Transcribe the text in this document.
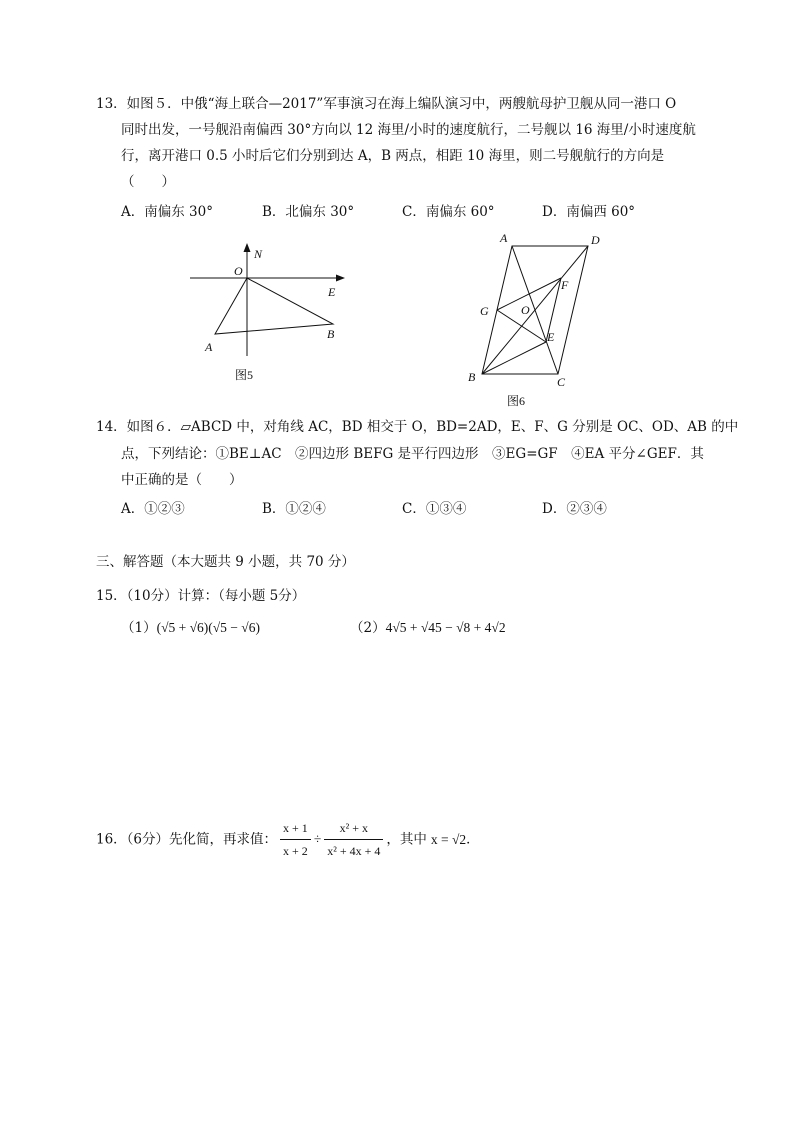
13．如图５．中俄“海上联合—2017”军事演习在海上编队演习中，两艘航母护卫舰从同一港口 O
同时出发，一号舰沿南偏西 30°方向以 12 海里/小时的速度航行，二号舰以 16 海里/小时速度航
行，离开港口 0.5 小时后它们分别到达 A，B 两点，相距 10 海里，则二号舰航行的方向是
（　　）
A．南偏东 30°	B．北偏东 30°	C．南偏东 60°	D．南偏西 60°
N
O
E
A
B
图5
A	D
F
G	O
E
B	C
图6
14．如图６．▱ABCD 中，对角线 AC，BD 相交于 O，BD=2AD，E、F、G 分别是 OC、OD、AB 的中
点，下列结论：①BE⊥AC　②四边形 BEFG 是平行四边形　③EG=GF　④EA 平分∠GEF．其
中正确的是（　　）
A．①②③	B．①②④	C．①③④	D．②③④
三、解答题（本大题共 9 小题，共 70 分）
15．（10分）计算：（每小题 5分）
（1）(√5 + √6)(√5 − √6)	（2）4√5 + √45 − √8 + 4√2
16．（6分）先化简，再求值： $\frac{x + 1}{x + 2} \div \frac{\text{x² + x}}{\text{x² + 4x + 4}}$ ，其中 x = √2．
